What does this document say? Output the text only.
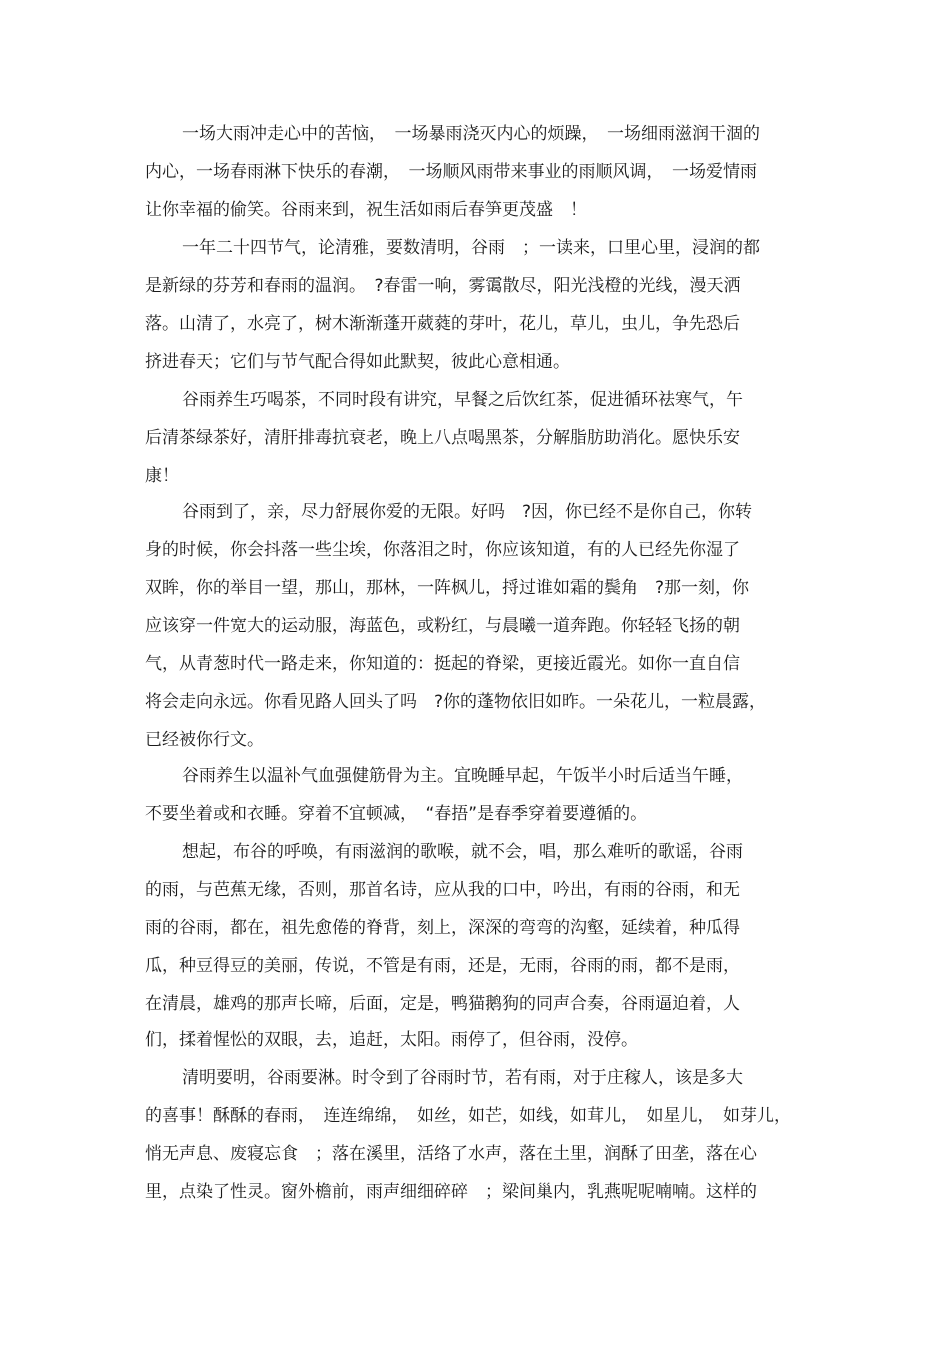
一场大雨冲走心中的苦恼，　一场暴雨浇灭内心的烦躁，　一场细雨滋润干涸的
内心，一场春雨淋下快乐的春潮，　一场顺风雨带来事业的雨顺风调，　一场爱情雨
让你幸福的偷笑。谷雨来到，祝生活如雨后春笋更茂盛　！
一年二十四节气，论清雅，要数清明，谷雨　；一读来，口里心里，浸润的都
是新绿的芬芳和春雨的温润。　?春雷一响，雾霭散尽，阳光浅橙的光线，漫天洒
落。山清了，水亮了，树木渐渐蓬开葳蕤的芽叶，花儿，草儿，虫儿，争先恐后
挤进春天；它们与节气配合得如此默契，彼此心意相通。
谷雨养生巧喝茶，不同时段有讲究，早餐之后饮红茶，促进循环祛寒气，午
后清茶绿茶好，清肝排毒抗衰老，晚上八点喝黑茶，分解脂肪助消化。愿快乐安
康！
谷雨到了，亲，尽力舒展你爱的无限。好吗　?因，你已经不是你自己，你转
身的时候，你会抖落一些尘埃，你落泪之时，你应该知道，有的人已经先你湿了
双眸，你的举目一望，那山，那林，一阵枫儿，捋过谁如霜的鬓角　?那一刻，你
应该穿一件宽大的运动服，海蓝色，或粉红，与晨曦一道奔跑。你轻轻飞扬的朝
气，从青葱时代一路走来，你知道的：挺起的脊梁，更接近霞光。如你一直自信
将会走向永远。你看见路人回头了吗　?你的蓬物依旧如昨。一朵花儿，一粒晨露，
已经被你行文。
谷雨养生以温补气血强健筋骨为主。宜晚睡早起，午饭半小时后适当午睡，
不要坐着或和衣睡。穿着不宜顿减，　“春捂”是春季穿着要遵循的。
想起，布谷的呼唤，有雨滋润的歌喉，就不会，唱，那么难听的歌谣，谷雨
的雨，与芭蕉无缘，否则，那首名诗，应从我的口中，吟出，有雨的谷雨，和无
雨的谷雨，都在，祖先愈倦的脊背，刻上，深深的弯弯的沟壑，延续着，种瓜得
瓜，种豆得豆的美丽，传说，不管是有雨，还是，无雨，谷雨的雨，都不是雨，
在清晨，雄鸡的那声长啼，后面，定是，鸭猫鹅狗的同声合奏，谷雨逼迫着，人
们，揉着惺忪的双眼，去，追赶，太阳。雨停了，但谷雨，没停。
清明要明，谷雨要淋。时令到了谷雨时节，若有雨，对于庄稼人，该是多大
的喜事！酥酥的春雨，　连连绵绵，　如丝，如芒，如线，如茸儿，　如星儿，　如芽儿，
悄无声息、废寝忘食　；落在溪里，活络了水声，落在土里，润酥了田垄，落在心
里，点染了性灵。窗外檐前，雨声细细碎碎　；梁间巢内，乳燕呢呢喃喃。这样的
